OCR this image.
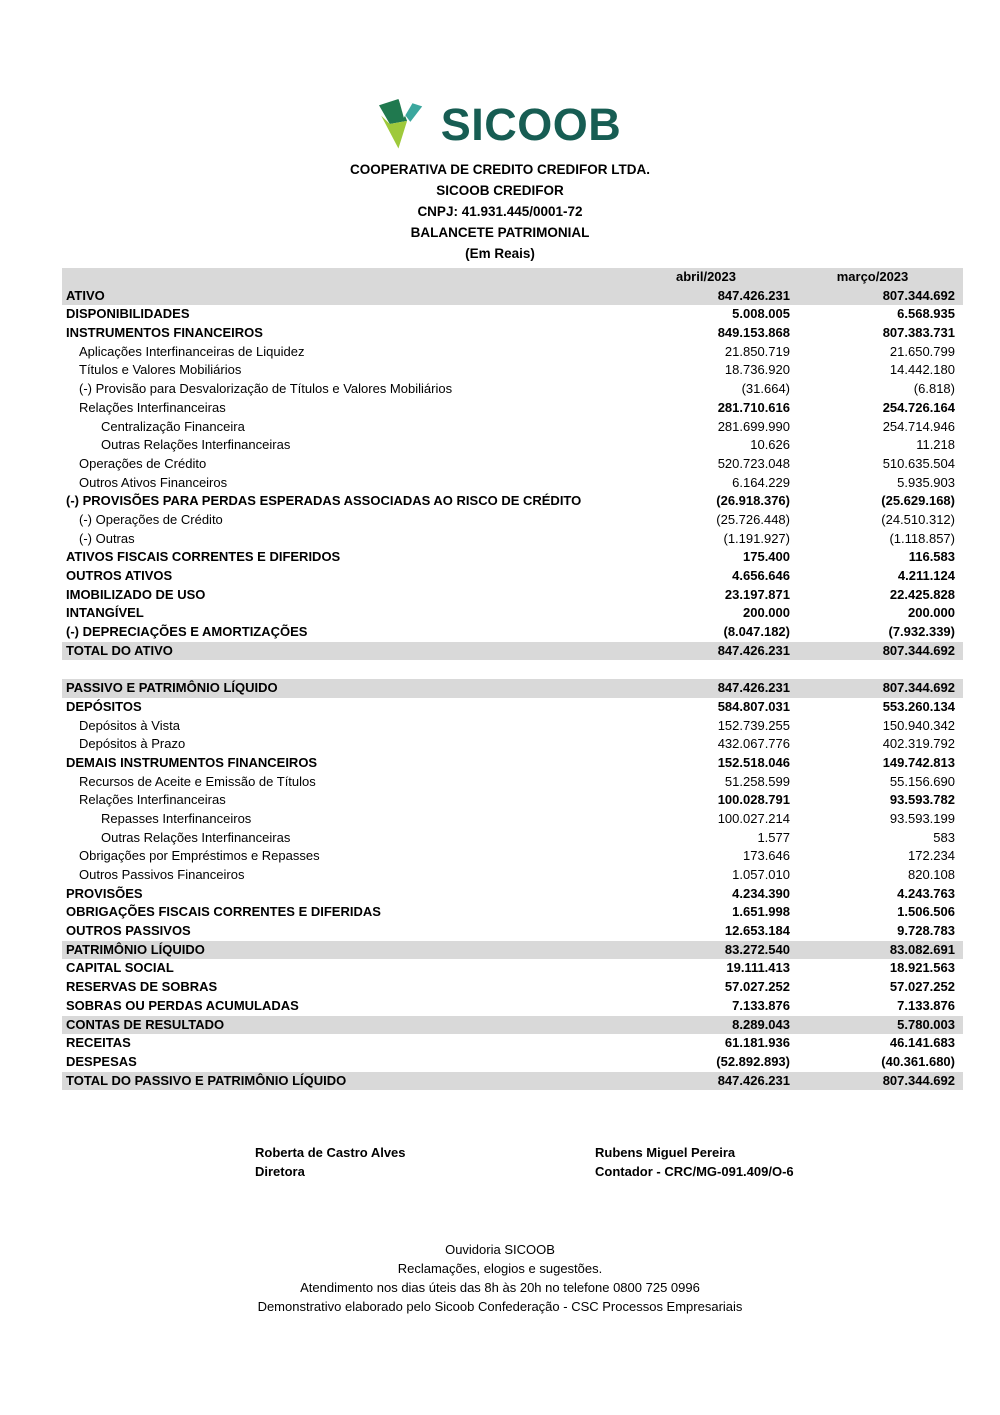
SICOOB
COOPERATIVA DE CREDITO CREDIFOR LTDA.
SICOOB CREDIFOR
CNPJ: 41.931.445/0001-72
BALANCETE PATRIMONIAL
(Em Reais)
abril/2023	março/2023
ATIVO	847.426.231	807.344.692
DISPONIBILIDADES	5.008.005	6.568.935
INSTRUMENTOS FINANCEIROS	849.153.868	807.383.731
Aplicações Interfinanceiras de Liquidez	21.850.719	21.650.799
Títulos e Valores Mobiliários	18.736.920	14.442.180
(-) Provisão para Desvalorização de Títulos e Valores Mobiliários	(31.664)	(6.818)
Relações Interfinanceiras	281.710.616	254.726.164
Centralização Financeira	281.699.990	254.714.946
Outras Relações Interfinanceiras	10.626	11.218
Operações de Crédito	520.723.048	510.635.504
Outros Ativos Financeiros	6.164.229	5.935.903
(-) PROVISÕES PARA PERDAS ESPERADAS ASSOCIADAS AO RISCO DE CRÉDITO	(26.918.376)	(25.629.168)
(-) Operações de Crédito	(25.726.448)	(24.510.312)
(-) Outras	(1.191.927)	(1.118.857)
ATIVOS FISCAIS CORRENTES E DIFERIDOS	175.400	116.583
OUTROS ATIVOS	4.656.646	4.211.124
IMOBILIZADO DE USO	23.197.871	22.425.828
INTANGÍVEL	200.000	200.000
(-) DEPRECIAÇÕES E AMORTIZAÇÕES	(8.047.182)	(7.932.339)
TOTAL DO ATIVO	847.426.231	807.344.692
PASSIVO E PATRIMÔNIO LÍQUIDO	847.426.231	807.344.692
DEPÓSITOS	584.807.031	553.260.134
Depósitos à Vista	152.739.255	150.940.342
Depósitos à Prazo	432.067.776	402.319.792
DEMAIS INSTRUMENTOS FINANCEIROS	152.518.046	149.742.813
Recursos de Aceite e Emissão de Títulos	51.258.599	55.156.690
Relações Interfinanceiras	100.028.791	93.593.782
Repasses Interfinanceiros	100.027.214	93.593.199
Outras Relações Interfinanceiras	1.577	583
Obrigações por Empréstimos e Repasses	173.646	172.234
Outros Passivos Financeiros	1.057.010	820.108
PROVISÕES	4.234.390	4.243.763
OBRIGAÇÕES FISCAIS CORRENTES E DIFERIDAS	1.651.998	1.506.506
OUTROS PASSIVOS	12.653.184	9.728.783
PATRIMÔNIO LÍQUIDO	83.272.540	83.082.691
CAPITAL SOCIAL	19.111.413	18.921.563
RESERVAS DE SOBRAS	57.027.252	57.027.252
SOBRAS OU PERDAS ACUMULADAS	7.133.876	7.133.876
CONTAS DE RESULTADO	8.289.043	5.780.003
RECEITAS	61.181.936	46.141.683
DESPESAS	(52.892.893)	(40.361.680)
TOTAL DO PASSIVO E PATRIMÔNIO LÍQUIDO	847.426.231	807.344.692
Roberta de Castro Alves
Diretora
Rubens Miguel Pereira
Contador - CRC/MG-091.409/O-6
Ouvidoria SICOOB
Reclamações, elogios e sugestões.
Atendimento nos dias úteis das 8h às 20h no telefone 0800 725 0996
Demonstrativo elaborado pelo Sicoob Confederação - CSC Processos Empresariais
